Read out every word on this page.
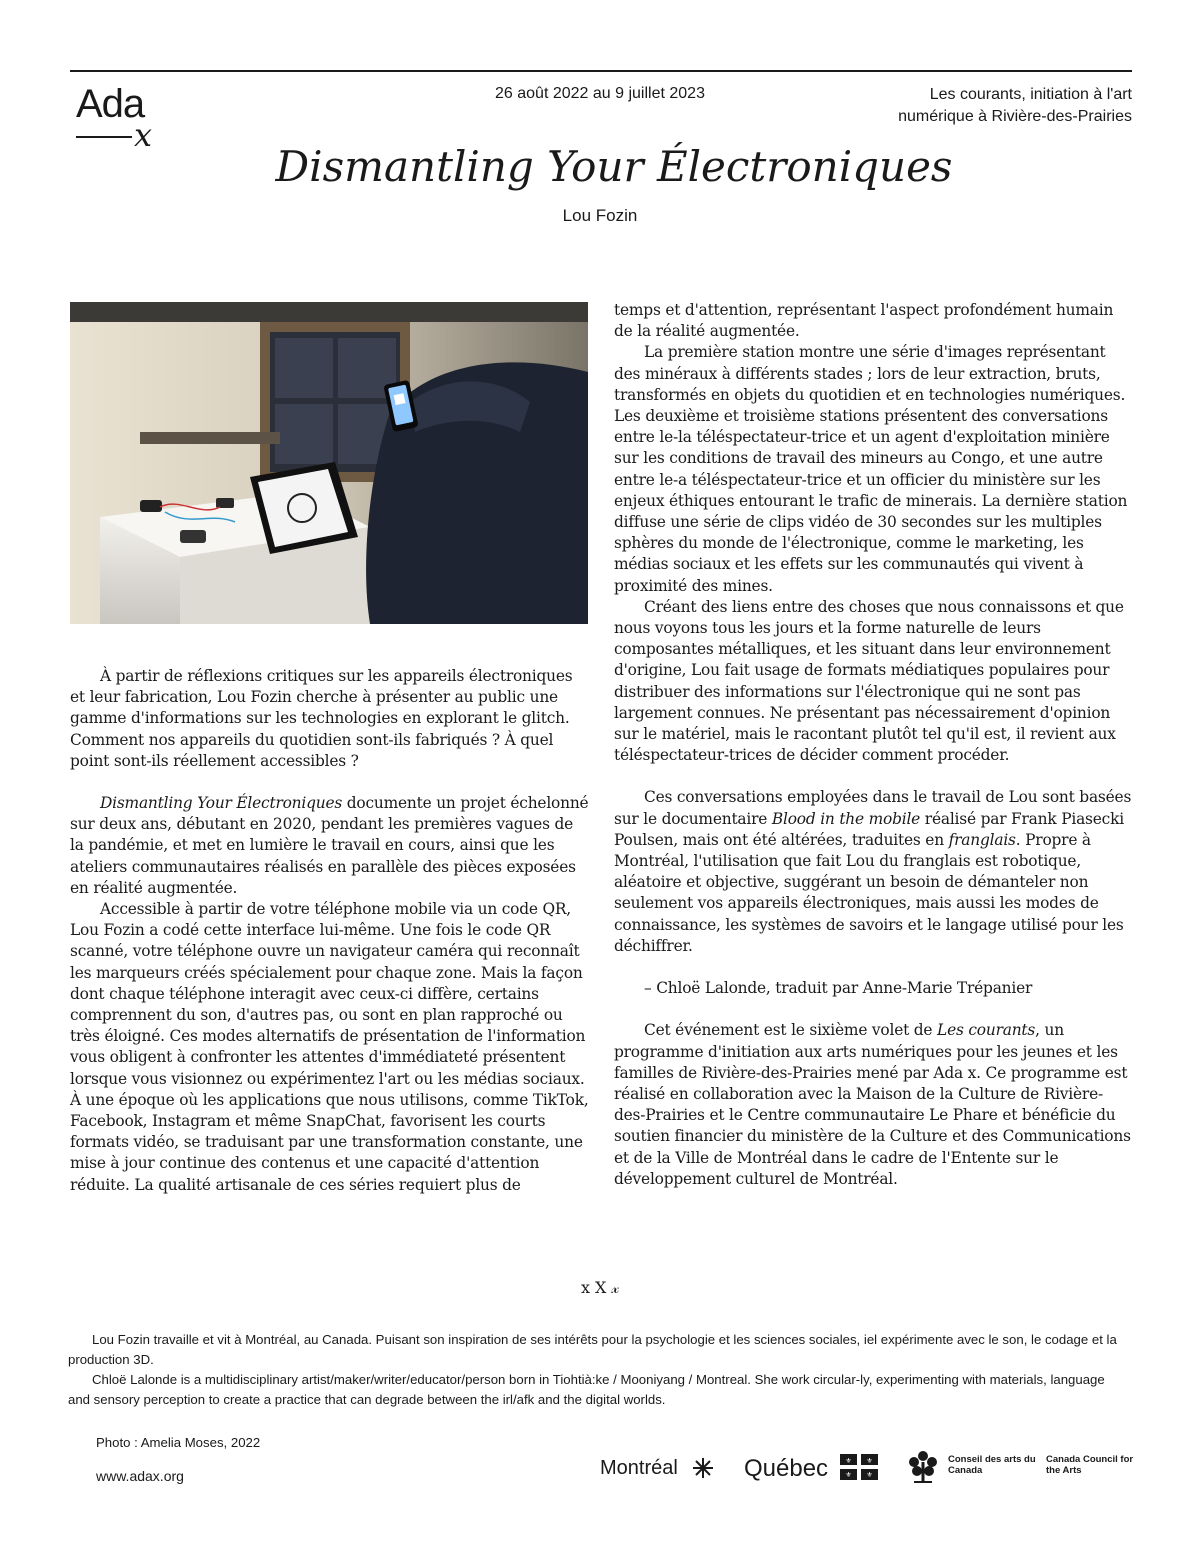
Ada
x
26 août 2022 au 9 juillet 2023	Les courants, initiation à l'art
numérique à Rivière-des-Prairies
Dismantling Your Électroniques
Lou Fozin

À partir de réflexions critiques sur les appareils électroniques et leur fabrication, Lou Fozin cherche à présenter au public une gamme d'informations sur les technologies en explorant le glitch. Comment nos appareils du quotidien sont-ils fabriqués ? À quel point sont-ils réellement accessibles ?

Dismantling Your Électroniques documente un projet échelonné sur deux ans, débutant en 2020, pendant les premières vagues de la pandémie, et met en lumière le travail en cours, ainsi que les ateliers communautaires réalisés en parallèle des pièces exposées en réalité augmentée.

Accessible à partir de votre téléphone mobile via un code QR, Lou Fozin a codé cette interface lui-même. Une fois le code QR scanné, votre téléphone ouvre un navigateur caméra qui reconnaît les marqueurs créés spécialement pour chaque zone. Mais la façon dont chaque téléphone interagit avec ceux-ci diffère, certains comprennent du son, d'autres pas, ou sont en plan rapproché ou très éloigné. Ces modes alternatifs de présentation de l'information vous obligent à confronter les attentes d'immédiateté présentent lorsque vous visionnez ou expérimentez l'art ou les médias sociaux. À une époque où les applications que nous utilisons, comme TikTok, Facebook, Instagram et même SnapChat, favorisent les courts formats vidéo, se traduisant par une transformation constante, une mise à jour continue des contenus et une capacité d'attention réduite. La qualité artisanale de ces séries requiert plus de

temps et d'attention, représentant l'aspect profondément humain de la réalité augmentée.

La première station montre une série d'images représentant des minéraux à différents stades ; lors de leur extraction, bruts, transformés en objets du quotidien et en technologies numériques. Les deuxième et troisième stations présentent des conversations entre le-la téléspectateur-trice et un agent d'exploitation minière sur les conditions de travail des mineurs au Congo, et une autre entre le-a téléspectateur-trice et un officier du ministère sur les enjeux éthiques entourant le trafic de minerais. La dernière station diffuse une série de clips vidéo de 30 secondes sur les multiples sphères du monde de l'électronique, comme le marketing, les médias sociaux et les effets sur les communautés qui vivent à proximité des mines.

Créant des liens entre des choses que nous connaissons et que nous voyons tous les jours et la forme naturelle de leurs composantes métalliques, et les situant dans leur environnement d'origine, Lou fait usage de formats médiatiques populaires pour distribuer des informations sur l'électronique qui ne sont pas largement connues. Ne présentant pas nécessairement d'opinion sur le matériel, mais le racontant plutôt tel qu'il est, il revient aux téléspectateur-trices de décider comment procéder.

Ces conversations employées dans le travail de Lou sont basées sur le documentaire Blood in the mobile réalisé par Frank Piasecki Poulsen, mais ont été altérées, traduites en franglais. Propre à Montréal, l'utilisation que fait Lou du franglais est robotique, aléatoire et objective, suggérant un besoin de démanteler non seulement vos appareils électroniques, mais aussi les modes de connaissance, les systèmes de savoirs et le langage utilisé pour les déchiffrer.

– Chloë Lalonde, traduit par Anne-Marie Trépanier

Cet événement est le sixième volet de Les courants, un programme d'initiation aux arts numériques pour les jeunes et les familles de Rivière-des-Prairies mené par Ada x. Ce programme est réalisé en collaboration avec la Maison de la Culture de Rivière-des-Prairies et le Centre communautaire Le Phare et bénéficie du soutien financier du ministère de la Culture et des Communications et de la Ville de Montréal dans le cadre de l'Entente sur le développement culturel de Montréal.

x X 𝓍

Lou Fozin travaille et vit à Montréal, au Canada. Puisant son inspiration de ses intérêts pour la psychologie et les sciences sociales, iel expérimente avec le son, le codage et la production 3D.

Chloë Lalonde is a multidisciplinary artist/maker/writer/educator/person born in Tiohtià:ke / Mooniyang / Montreal. She work circular-ly, experimenting with materials, language and sensory perception to create a practice that can degrade between the irl/afk and the digital worlds.

Photo : Amelia Moses, 2022
www.adax.org	Montréal	Québec ⚜ ⚜
⚜ ⚜
Conseil des arts du Canada
Canada Council for the Arts
